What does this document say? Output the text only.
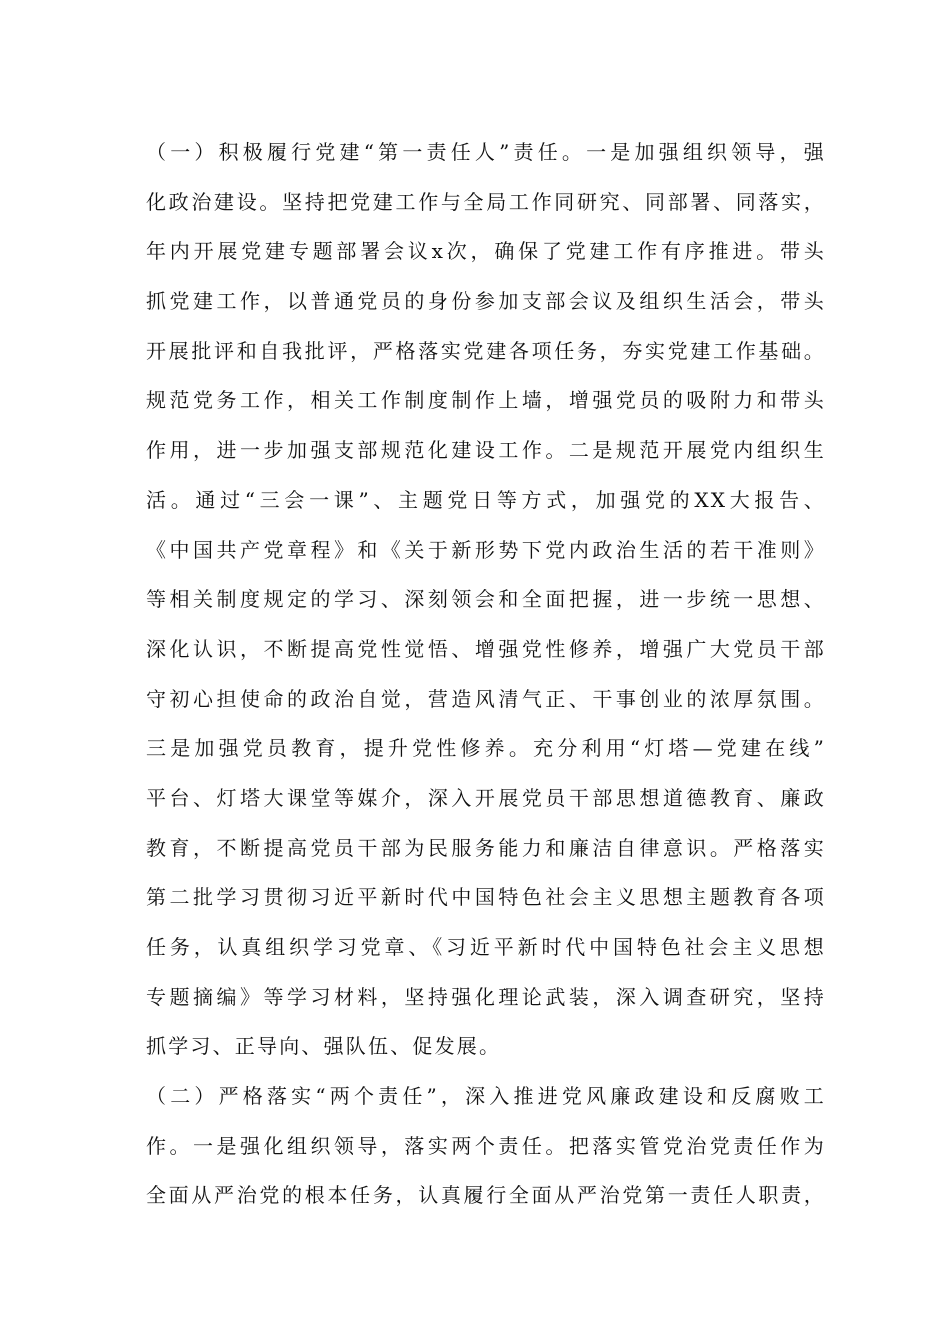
（一）积极履行党建“第一责任人”责任。一是加强组织领导，强
化政治建设。坚持把党建工作与全局工作同研究、同部署、同落实，
年内开展党建专题部署会议x次，确保了党建工作有序推进。带头
抓党建工作，以普通党员的身份参加支部会议及组织生活会，带头
开展批评和自我批评，严格落实党建各项任务，夯实党建工作基础。
规范党务工作，相关工作制度制作上墙，增强党员的吸附力和带头
作用，进一步加强支部规范化建设工作。二是规范开展党内组织生
活。通过“三会一课”、主题党日等方式，加强党的XX大报告、
《中国共产党章程》和《关于新形势下党内政治生活的若干准则》
等相关制度规定的学习、深刻领会和全面把握，进一步统一思想、
深化认识，不断提高党性觉悟、增强党性修养，增强广大党员干部
守初心担使命的政治自觉，营造风清气正、干事创业的浓厚氛围。
三是加强党员教育，提升党性修养。充分利用“灯塔—党建在线”
平台、灯塔大课堂等媒介，深入开展党员干部思想道德教育、廉政
教育，不断提高党员干部为民服务能力和廉洁自律意识。严格落实
第二批学习贯彻习近平新时代中国特色社会主义思想主题教育各项
任务，认真组织学习党章、《习近平新时代中国特色社会主义思想
专题摘编》等学习材料，坚持强化理论武装，深入调查研究，坚持
抓学习、正导向、强队伍、促发展。
（二）严格落实“两个责任”，深入推进党风廉政建设和反腐败工
作。一是强化组织领导，落实两个责任。把落实管党治党责任作为
全面从严治党的根本任务，认真履行全面从严治党第一责任人职责，
